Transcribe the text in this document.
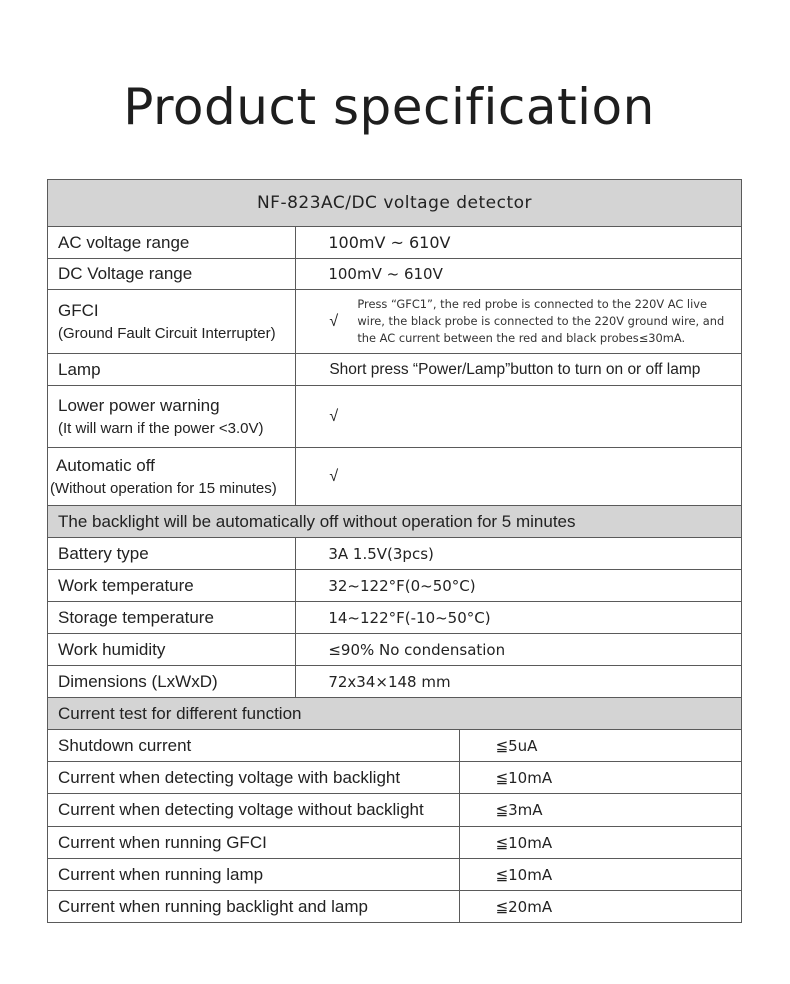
Product specification
NF-823AC/DC voltage detector		
AC voltage range	100mV ~ 610V	
DC Voltage range	100mV ~ 610V	
GFCI
(Ground Fault Circuit Interrupter)	√Press “GFC1”, the red probe is connected to the 220V AC live wire, the black probe is connected to the 220V ground wire, and the AC current between the red and black probes≤30mA.	
Lamp	Short press “Power/Lamp”button to turn on or off lamp	
Lower power warning
(It will warn if the power <3.0V)	√	
Automatic off
(Without operation for 15 minutes)	√	
The backlight will be automatically off without operation for 5 minutes		
Battery type	3A 1.5V(3pcs)	
Work temperature	32~122°F(0~50°C)	
Storage temperature	14~122°F(-10~50°C)	
Work humidity	≤90% No condensation	
Dimensions (LxWxD)	72x34×148 mm	
Current test for different function		
Shutdown current		≦5uA
Current when detecting voltage with backlight		≦10mA
Current when detecting voltage without backlight		≦3mA
Current when running GFCI		≦10mA
Current when running lamp		≦10mA
Current when running backlight and lamp		≦20mA
